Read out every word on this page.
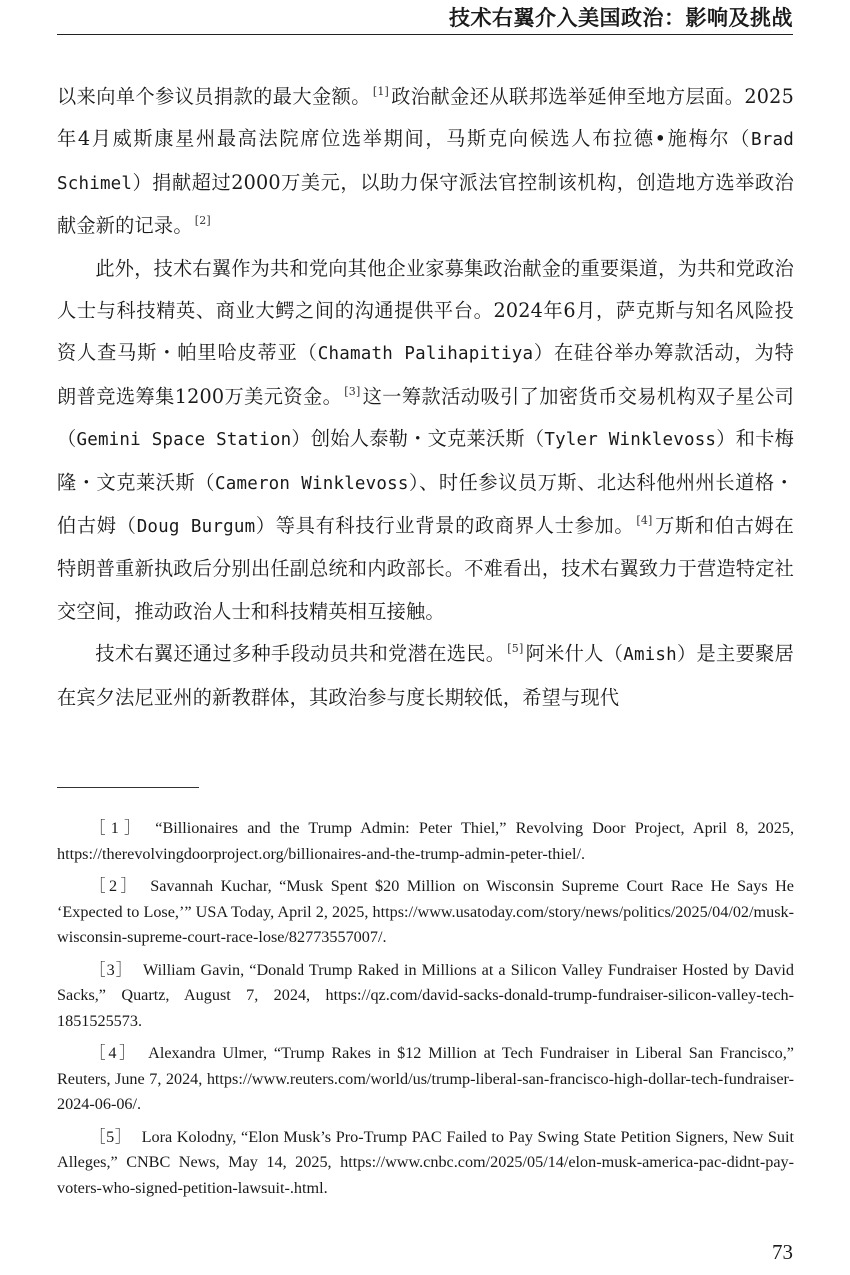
技术右翼介入美国政治：影响及挑战

以来向单个参议员捐款的最大金额。 [1] 政治献金还从联邦选举延伸至地方层面。2025年4月威斯康星州最高法院席位选举期间，马斯克向候选人布拉德•施梅尔（Brad Schimel）捐献超过2000万美元，以助力保守派法官控制该机构，创造地方选举政治献金新的记录。 [2]

此外，技术右翼作为共和党向其他企业家募集政治献金的重要渠道，为共和党政治人士与科技精英、商业大鳄之间的沟通提供平台。2024年6月，萨克斯与知名风险投资人查马斯・帕里哈皮蒂亚（Chamath Palihapitiya）在硅谷举办筹款活动，为特朗普竞选筹集1200万美元资金。 [3] 这一筹款活动吸引了加密货币交易机构双子星公司（Gemini Space Station）创始人泰勒・文克莱沃斯（Tyler Winklevoss）和卡梅隆・文克莱沃斯（Cameron Winklevoss）、时任参议员万斯、北达科他州州长道格・伯古姆（Doug Burgum）等具有科技行业背景的政商界人士参加。 [4] 万斯和伯古姆在特朗普重新执政后分别出任副总统和内政部长。不难看出，技术右翼致力于营造特定社交空间，推动政治人士和科技精英相互接触。

技术右翼还通过多种手段动员共和党潜在选民。 [5] 阿米什人（Amish）是主要聚居在宾夕法尼亚州的新教群体，其政治参与度长期较低，希望与现代

［1］ “Billionaires and the Trump Admin: Peter Thiel,” Revolving Door Project, April 8, 2025, https://therevolvingdoorproject.org/billionaires-and-the-trump-admin-peter-thiel/.

［2］ Savannah Kuchar, “Musk Spent $20 Million on Wisconsin Supreme Court Race He Says He ‘Expected to Lose,’” USA Today, April 2, 2025, https://www.usatoday.com/story/news/politics/2025/04/02/musk-wisconsin-supreme-court-race-lose/82773557007/.

［3］ William Gavin, “Donald Trump Raked in Millions at a Silicon Valley Fundraiser Hosted by David Sacks,” Quartz, August 7, 2024, https://qz.com/david-sacks-donald-trump-fundraiser-silicon-valley-tech-1851525573.

［4］ Alexandra Ulmer, “Trump Rakes in $12 Million at Tech Fundraiser in Liberal San Francisco,” Reuters, June 7, 2024, https://www.reuters.com/world/us/trump-liberal-san-francisco-high-dollar-tech-fundraiser-2024-06-06/.

［5］ Lora Kolodny, “Elon Musk’s Pro-Trump PAC Failed to Pay Swing State Petition Signers, New Suit Alleges,” CNBC News, May 14, 2025, https://www.cnbc.com/2025/05/14/elon-musk-america-pac-didnt-pay-voters-who-signed-petition-lawsuit-.html.

73
